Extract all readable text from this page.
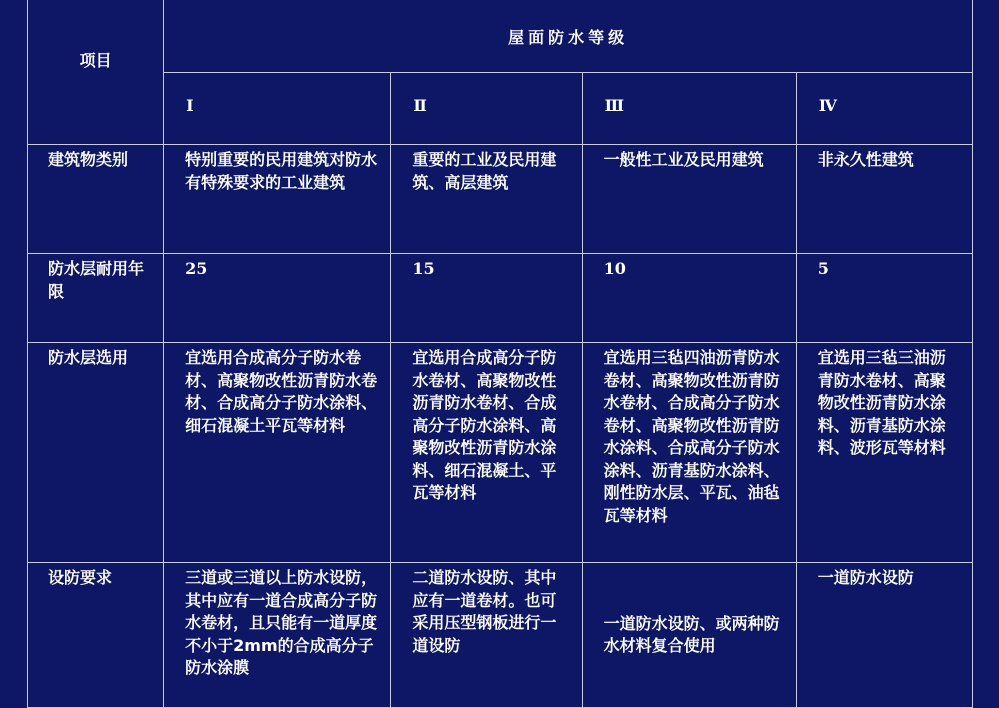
项目	屋面防水等级			
	Ⅰ	Ⅱ	Ⅲ	Ⅳ
建筑物类别	特别重要的民用建筑对防水有特殊要求的工业建筑	重要的工业及民用建筑、高层建筑	一般性工业及民用建筑	非永久性建筑
防水层耐用年限	25	15	10	5
防水层选用	宜选用合成高分子防水卷材、高聚物改性沥青防水卷材、合成高分子防水涂料、细石混凝土平瓦等材料	宜选用合成高分子防水卷材、高聚物改性沥青防水卷材、合成高分子防水涂料、高聚物改性沥青防水涂料、细石混凝土、平瓦等材料	宜选用三毡四油沥青防水卷材、高聚物改性沥青防水卷材、合成高分子防水卷材、高聚物改性沥青防水涂料、合成高分子防水涂料、沥青基防水涂料、刚性防水层、平瓦、油毡瓦等材料	宜选用三毡三油沥青防水卷材、高聚物改性沥青防水涂料、沥青基防水涂料、波形瓦等材料
设防要求	三道或三道以上防水设防，其中应有一道合成高分子防水卷材，且只能有一道厚度不小于2mm的合成高分子防水涂膜	二道防水设防、其中应有一道卷材。也可采用压型钢板进行一道设防	一道防水设防、或两种防水材料复合使用	一道防水设防
